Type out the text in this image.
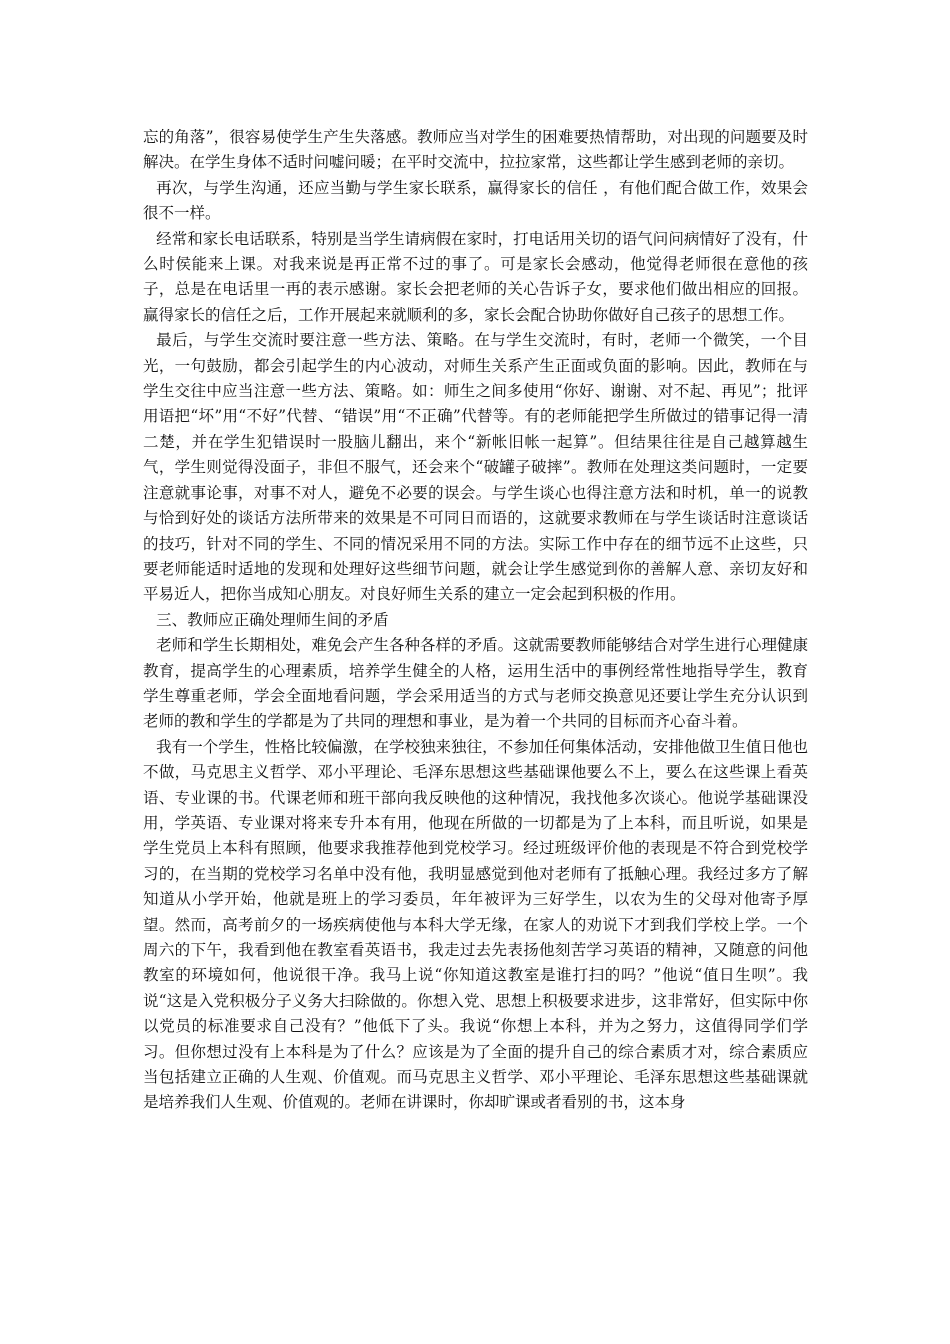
忘的角落”，很容易使学生产生失落感。教师应当对学生的困难要热情帮助，对出现的问题要及时解决。在学生身体不适时问嘘问暖；在平时交流中，拉拉家常，这些都让学生感到老师的亲切。

再次，与学生沟通，还应当勤与学生家长联系，赢得家长的信任 ，有他们配合做工作，效果会很不一样。

经常和家长电话联系，特别是当学生请病假在家时，打电话用关切的语气问问病情好了没有，什么时侯能来上课。对我来说是再正常不过的事了。可是家长会感动，他觉得老师很在意他的孩子，总是在电话里一再的表示感谢。家长会把老师的关心告诉子女，要求他们做出相应的回报。赢得家长的信任之后，工作开展起来就顺利的多，家长会配合协助你做好自己孩子的思想工作。

最后，与学生交流时要注意一些方法、策略。在与学生交流时，有时，老师一个微笑，一个目光，一句鼓励，都会引起学生的内心波动，对师生关系产生正面或负面的影响。因此，教师在与学生交往中应当注意一些方法、策略。如：师生之间多使用“你好、谢谢、对不起、再见”；批评用语把“坏”用“不好”代替、“错误”用“不正确”代替等。有的老师能把学生所做过的错事记得一清二楚，并在学生犯错误时一股脑儿翻出，来个“新帐旧帐一起算”。但结果往往是自己越算越生气，学生则觉得没面子，非但不服气，还会来个“破罐子破摔”。教师在处理这类问题时，一定要注意就事论事，对事不对人，避免不必要的误会。与学生谈心也得注意方法和时机，单一的说教与恰到好处的谈话方法所带来的效果是不可同日而语的，这就要求教师在与学生谈话时注意谈话的技巧，针对不同的学生、不同的情况采用不同的方法。实际工作中存在的细节远不止这些，只要老师能适时适地的发现和处理好这些细节问题，就会让学生感觉到你的善解人意、亲切友好和平易近人，把你当成知心朋友。对良好师生关系的建立一定会起到积极的作用。

三、教师应正确处理师生间的矛盾

老师和学生长期相处，难免会产生各种各样的矛盾。这就需要教师能够结合对学生进行心理健康教育，提高学生的心理素质，培养学生健全的人格，运用生活中的事例经常性地指导学生，教育学生尊重老师，学会全面地看问题，学会采用适当的方式与老师交换意见还要让学生充分认识到老师的教和学生的学都是为了共同的理想和事业，是为着一个共同的目标而齐心奋斗着。

我有一个学生，性格比较偏激，在学校独来独往，不参加任何集体活动，安排他做卫生值日他也不做，马克思主义哲学、邓小平理论、毛泽东思想这些基础课他要么不上，要么在这些课上看英语、专业课的书。代课老师和班干部向我反映他的这种情况，我找他多次谈心。他说学基础课没用，学英语、专业课对将来专升本有用，他现在所做的一切都是为了上本科，而且听说，如果是学生党员上本科有照顾，他要求我推荐他到党校学习。经过班级评价他的表现是不符合到党校学习的，在当期的党校学习名单中没有他，我明显感觉到他对老师有了抵触心理。我经过多方了解知道从小学开始，他就是班上的学习委员，年年被评为三好学生，以农为生的父母对他寄予厚望。然而，高考前夕的一场疾病使他与本科大学无缘，在家人的劝说下才到我们学校上学。一个周六的下午，我看到他在教室看英语书，我走过去先表扬他刻苦学习英语的精神，又随意的问他教室的环境如何，他说很干净。我马上说“你知道这教室是谁打扫的吗？”他说“值日生呗”。我说“这是入党积极分子义务大扫除做的。你想入党、思想上积极要求进步，这非常好，但实际中你以党员的标准要求自己没有？”他低下了头。我说“你想上本科，并为之努力，这值得同学们学习。但你想过没有上本科是为了什么？应该是为了全面的提升自己的综合素质才对，综合素质应当包括建立正确的人生观、价值观。而马克思主义哲学、邓小平理论、毛泽东思想这些基础课就是培养我们人生观、价值观的。老师在讲课时，你却旷课或者看别的书，这本身
